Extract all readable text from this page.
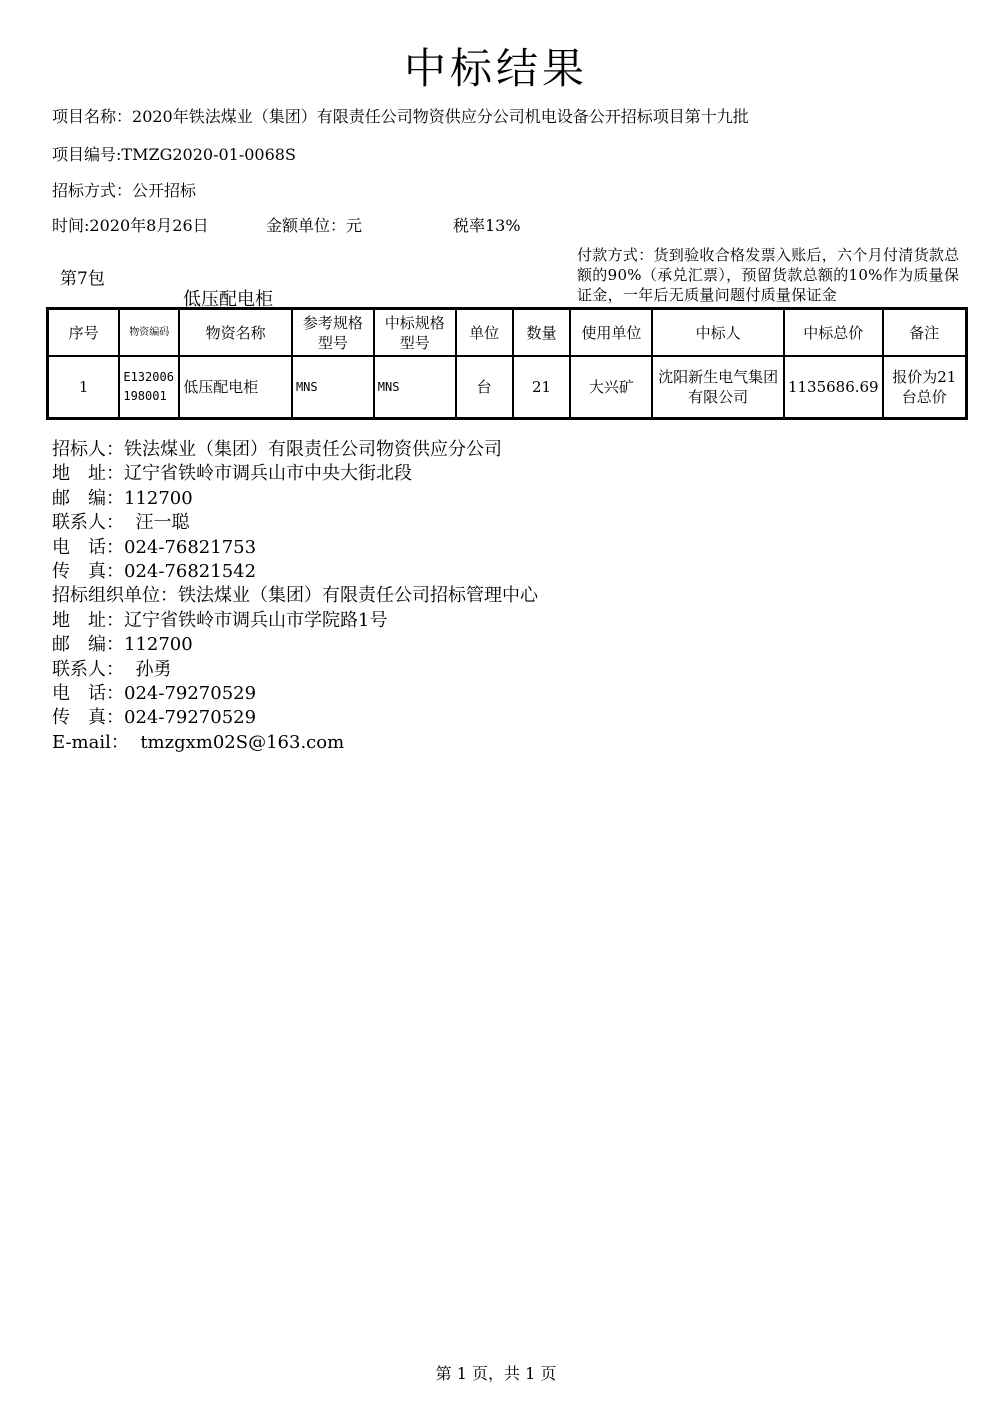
中标结果
项目名称：2020年铁法煤业（集团）有限责任公司物资供应分公司机电设备公开招标项目第十九批
项目编号:TMZG2020-01-0068S
招标方式：公开招标
时间:2020年8月26日	金额单位：元	税率13%
第7包
低压配电柜
付款方式：货到验收合格发票入账后，六个月付清货款总额的90%（承兑汇票），预留货款总额的10%作为质量保证金，一年后无质量问题付质量保证金
序号	物资编码	物资名称	参考规格型号	中标规格型号	单位	数量	使用单位	中标人	中标总价	备注
1	E132006198001	低压配电柜	MNS	MNS	台	21	大兴矿	沈阳新生电气集团有限公司	1135686.69	报价为21台总价
招标人：铁法煤业（集团）有限责任公司物资供应分公司
地　址：辽宁省铁岭市调兵山市中央大街北段
邮　编：112700
联系人： 汪一聪
电　话：024-76821753
传　真：024-76821542
招标组织单位：铁法煤业（集团）有限责任公司招标管理中心
地　址：辽宁省铁岭市调兵山市学院路1号
邮　编：112700
联系人： 孙勇
电　话：024-79270529
传　真：024-79270529
E-mail： tmzgxm02S@163.com
第 1 页，共 1 页
